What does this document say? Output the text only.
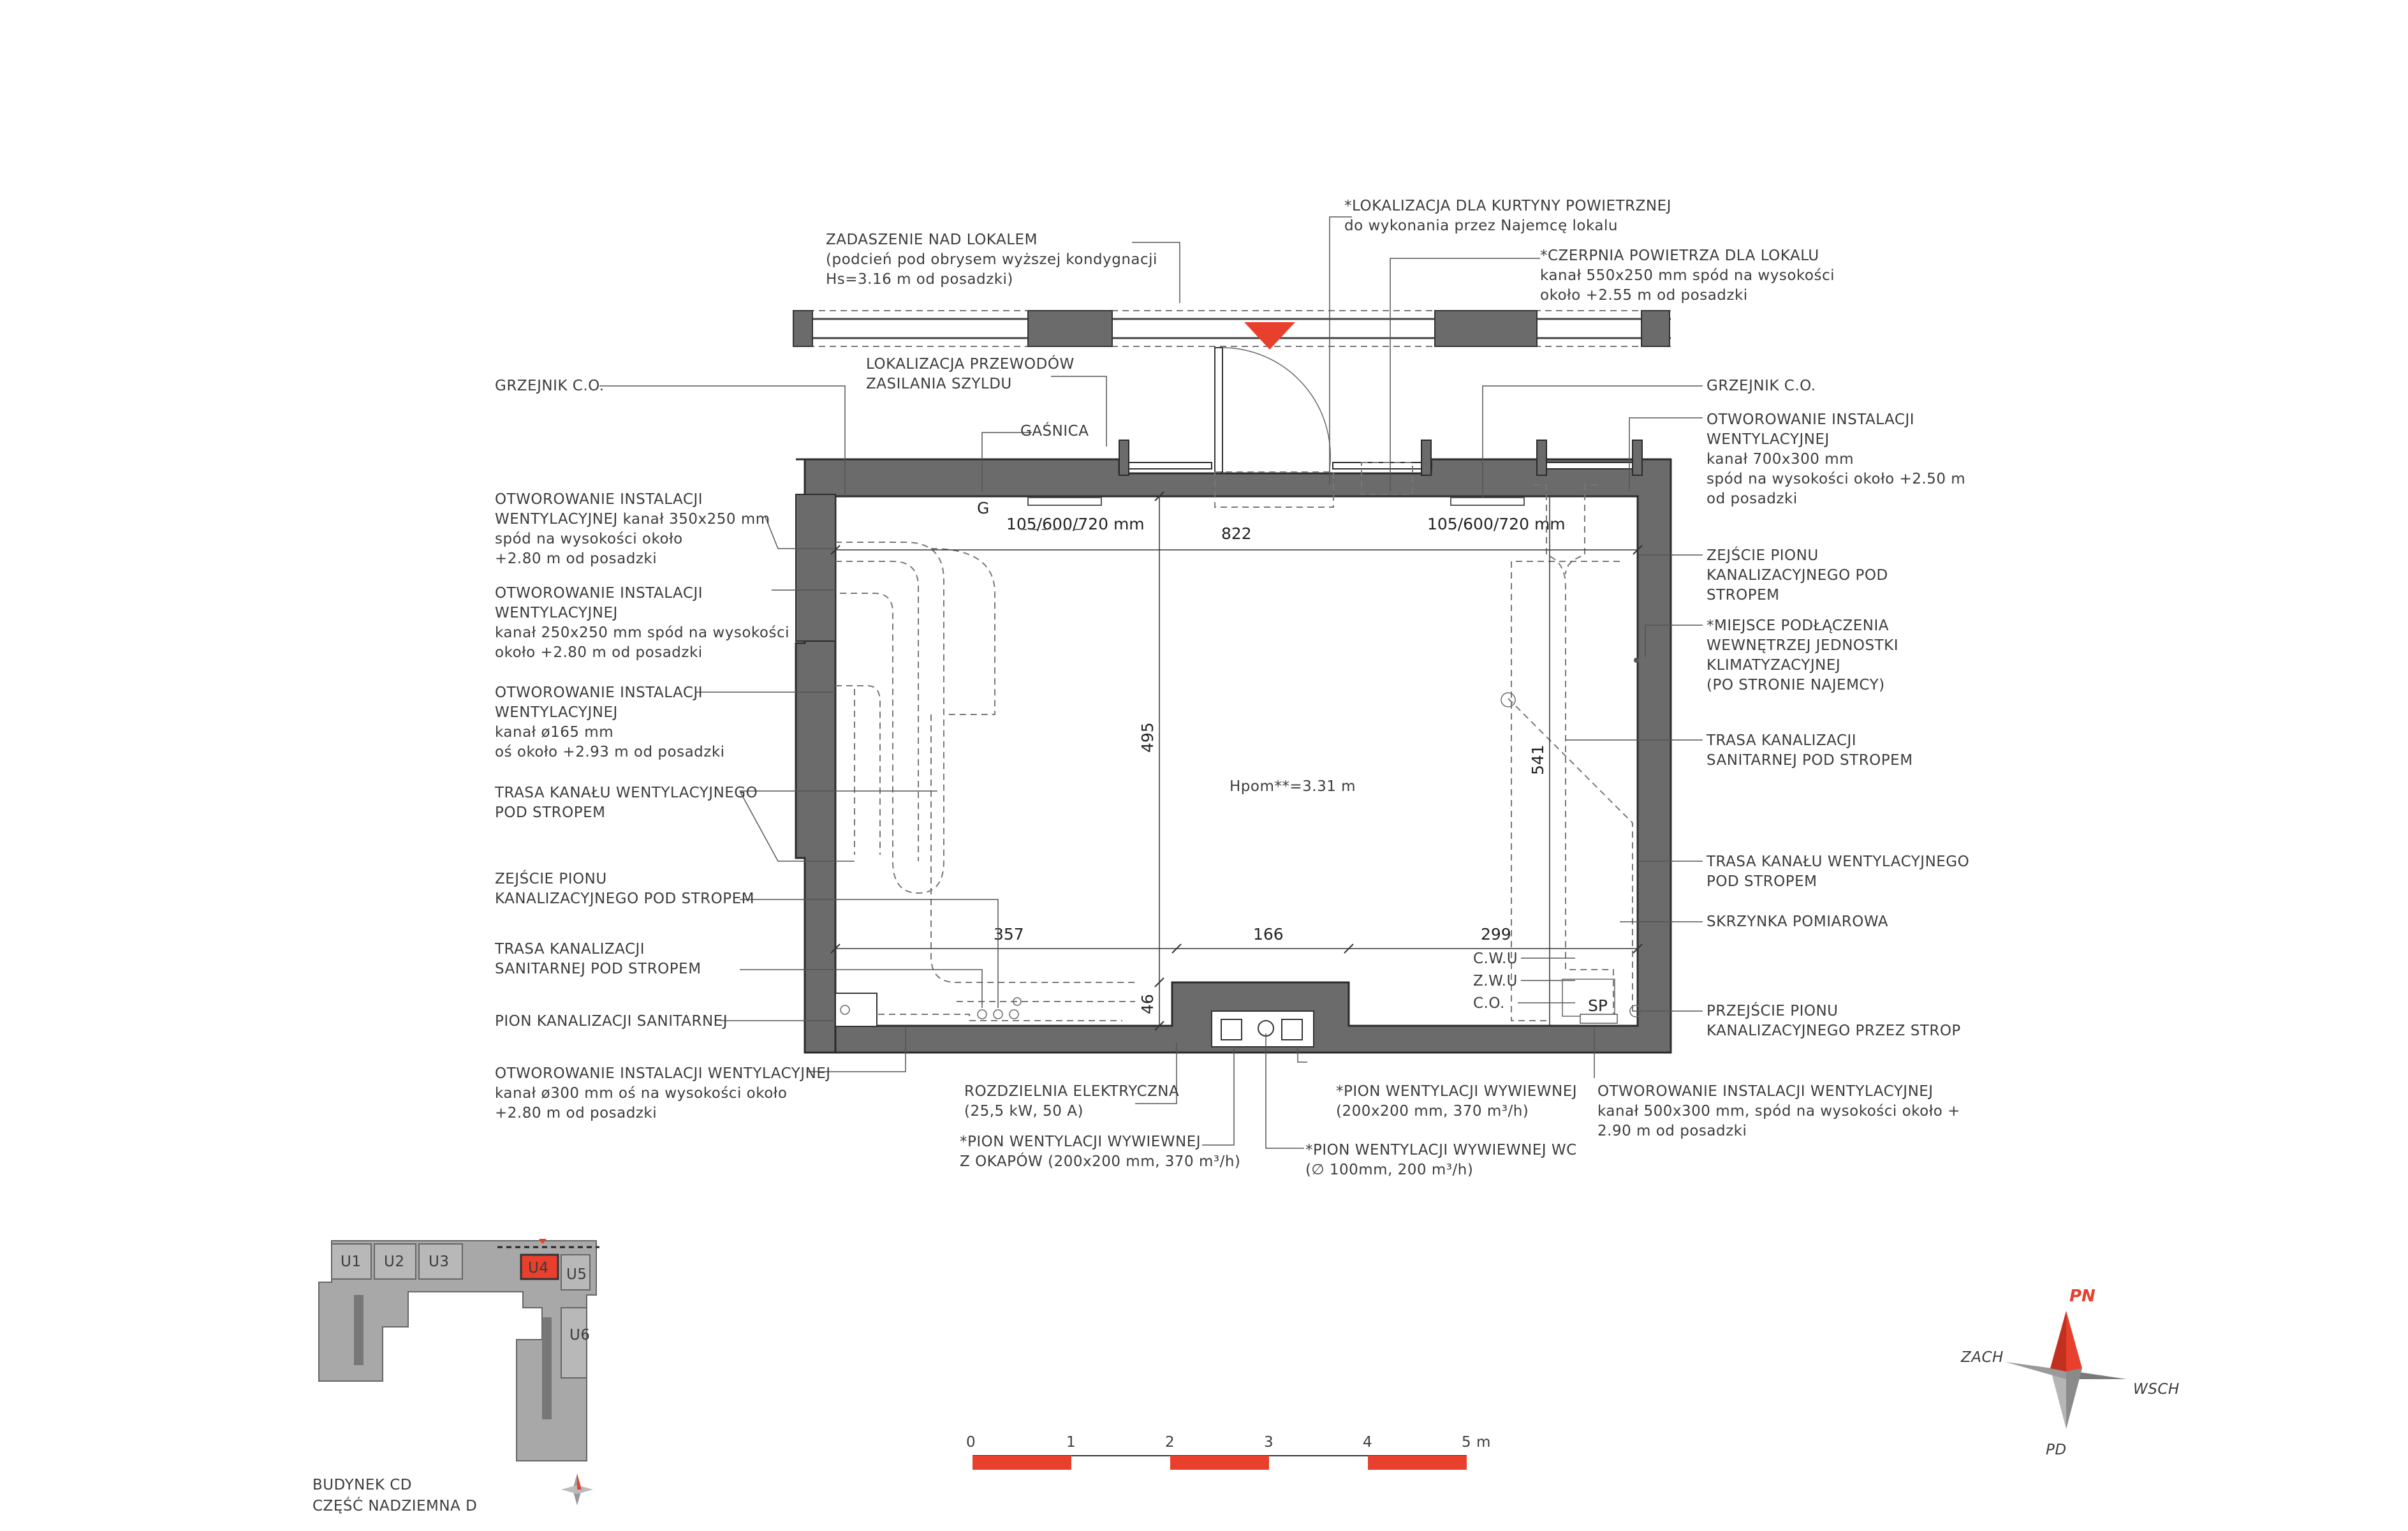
G
105/600/720 mm	105/600/720 mm
SP
822
357	166	299
495
46
541
Hpom**=3.31 m
C.W.U
Z.W.U
C.O.
ZADASZENIE NAD LOKALEM (podcień pod obrysem wyższej kondygnacji Hs=3.16 m od posadzki)
*LOKALIZACJA DLA KURTYNY POWIETRZNEJ do wykonania przez Najemcę lokalu
*CZERPNIA POWIETRZA DLA LOKALU kanał 550x250 mm spód na wysokości około +2.55 m od posadzki
LOKALIZACJA PRZEWODÓW ZASILANIA SZYLDU
GRZEJNIK C.O.	GRZEJNIK C.O.
GAŚNICA
OTWOROWANIE INSTALACJI WENTYLACYJNEJ kanał 700x300 mm spód na wysokości około +2.50 m od posadzki
OTWOROWANIE INSTALACJI WENTYLACYJNEJ kanał 350x250 mm spód na wysokości około +2.80 m od posadzki
OTWOROWANIE INSTALACJI WENTYLACYJNEJ kanał 250x250 mm spód na wysokości około +2.80 m od posadzki
OTWOROWANIE INSTALACJI WENTYLACYJNEJ kanał ø165 mm oś około +2.93 m od posadzki
TRASA KANAŁU WENTYLACYJNEGO POD STROPEM
ZEJŚCIE PIONU KANALIZACYJNEGO POD STROPEM
TRASA KANALIZACJI SANITARNEJ POD STROPEM
PION KANALIZACJI SANITARNEJ
OTWOROWANIE INSTALACJI WENTYLACYJNEJ kanał ø300 mm oś na wysokości około +2.80 m od posadzki
ROZDZIELNIA ELEKTRYCZNA (25,5 kW, 50 A)
*PION WENTYLACJI WYWIEWNEJ Z OKAPÓW (200x200 mm, 370 m³/h)
*PION WENTYLACJI WYWIEWNEJ (200x200 mm, 370 m³/h)
*PION WENTYLACJI WYWIEWNEJ WC (∅ 100mm, 200 m³/h)
OTWOROWANIE INSTALACJI WENTYLACYJNEJ kanał 500x300 mm, spód na wysokości około + 2.90 m od posadzki
ZEJŚCIE PIONU KANALIZACYJNEGO POD STROPEM
*MIEJSCE PODŁĄCZENIA WEWNĘTRZEJ JEDNOSTKI KLIMATYZACYJNEJ (PO STRONIE NAJEMCY)
TRASA KANALIZACJI SANITARNEJ POD STROPEM
TRASA KANAŁU WENTYLACYJNEGO POD STROPEM
SKRZYNKA POMIAROWA
PRZEJŚCIE PIONU KANALIZACYJNEGO PRZEZ STROP
U1 U2 U3	U4 U5
U6
BUDYNEK CD CZĘŚĆ NADZIEMNA D
0	1	2	3	4	5 m
PN
PD
ZACH
WSCH
